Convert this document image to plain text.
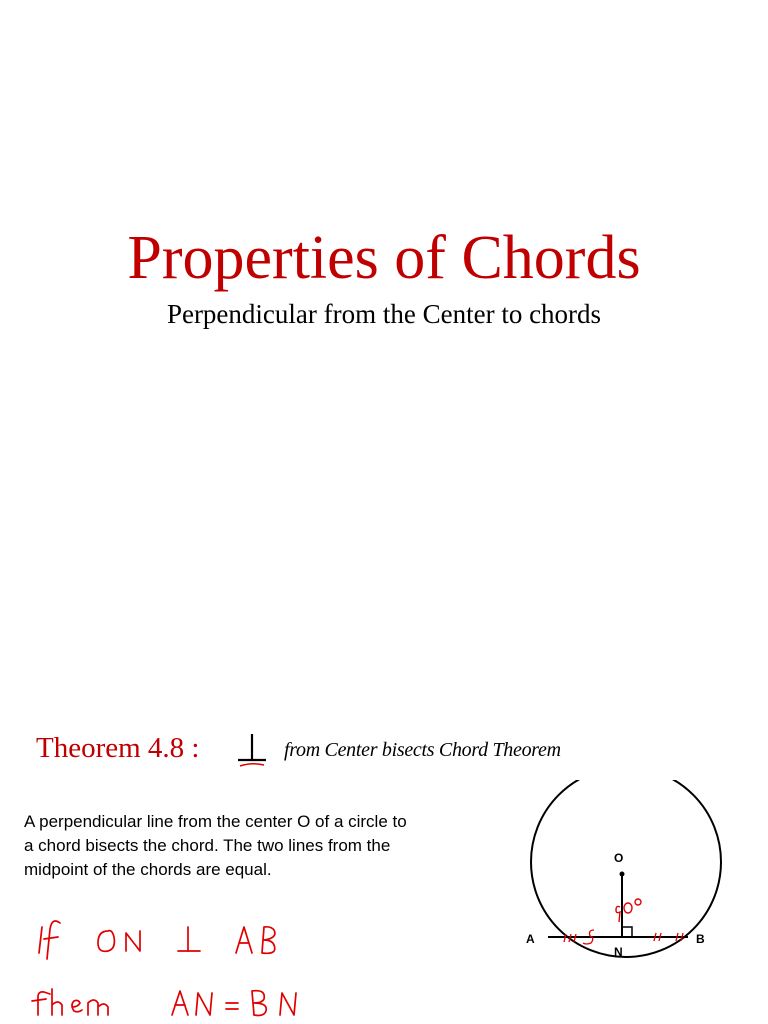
Properties of Chords
Perpendicular from the Center to chords
Theorem 4.8 :	from Center bisects Chord Theorem
A perpendicular line from the center O of a circle to
a chord bisects the chord. The two lines from the
midpoint of the chords are equal.
O
A	B
N
